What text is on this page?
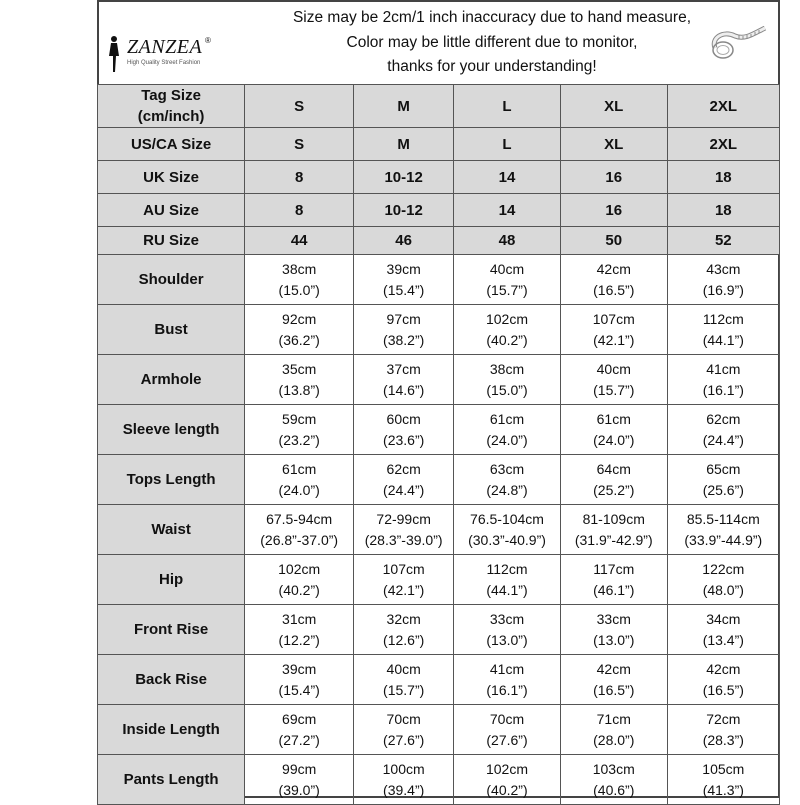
ZANZEA ®
High Quality Street Fashion
Size may be 2cm/1 inch inaccuracy due to hand measure,
Color may be little different due to monitor,
thanks for your understanding!
Tag Size
(cm/inch)	S	M	L	XL	2XL

US/CA Size	S	M	L	XL	2XL

UK Size	8	10-12	14	16	18

AU Size	8	10-12	14	16	18

RU Size	44	46	48	50	52
Shoulder	38cm
(15.0”)	39cm
(15.4”)	40cm
(15.7”)	42cm
(16.5”)	43cm
(16.9”)

Bust	92cm
(36.2”)	97cm
(38.2”)	102cm
(40.2”)	107cm
(42.1”)	112cm
(44.1”)

Armhole	35cm
(13.8”)	37cm
(14.6”)	38cm
(15.0”)	40cm
(15.7”)	41cm
(16.1”)

Sleeve length	59cm
(23.2”)	60cm
(23.6”)	61cm
(24.0”)	61cm
(24.0”)	62cm
(24.4”)

Tops Length	61cm
(24.0”)	62cm
(24.4”)	63cm
(24.8”)	64cm
(25.2”)	65cm
(25.6”)

Waist	67.5-94cm
(26.8”-37.0”)	72-99cm
(28.3”-39.0”)	76.5-104cm
(30.3”-40.9”)	81-109cm
(31.9”-42.9”)	85.5-114cm
(33.9”-44.9”)

Hip	102cm
(40.2”)	107cm
(42.1”)	112cm
(44.1”)	117cm
(46.1”)	122cm
(48.0”)

Front Rise	31cm
(12.2”)	32cm
(12.6”)	33cm
(13.0”)	33cm
(13.0”)	34cm
(13.4”)

Back Rise	39cm
(15.4”)	40cm
(15.7”)	41cm
(16.1”)	42cm
(16.5”)	42cm
(16.5”)

Inside Length	69cm
(27.2”)	70cm
(27.6”)	70cm
(27.6”)	71cm
(28.0”)	72cm
(28.3”)

Pants Length	99cm
(39.0”)	100cm
(39.4”)	102cm
(40.2”)	103cm
(40.6”)	105cm
(41.3”)
